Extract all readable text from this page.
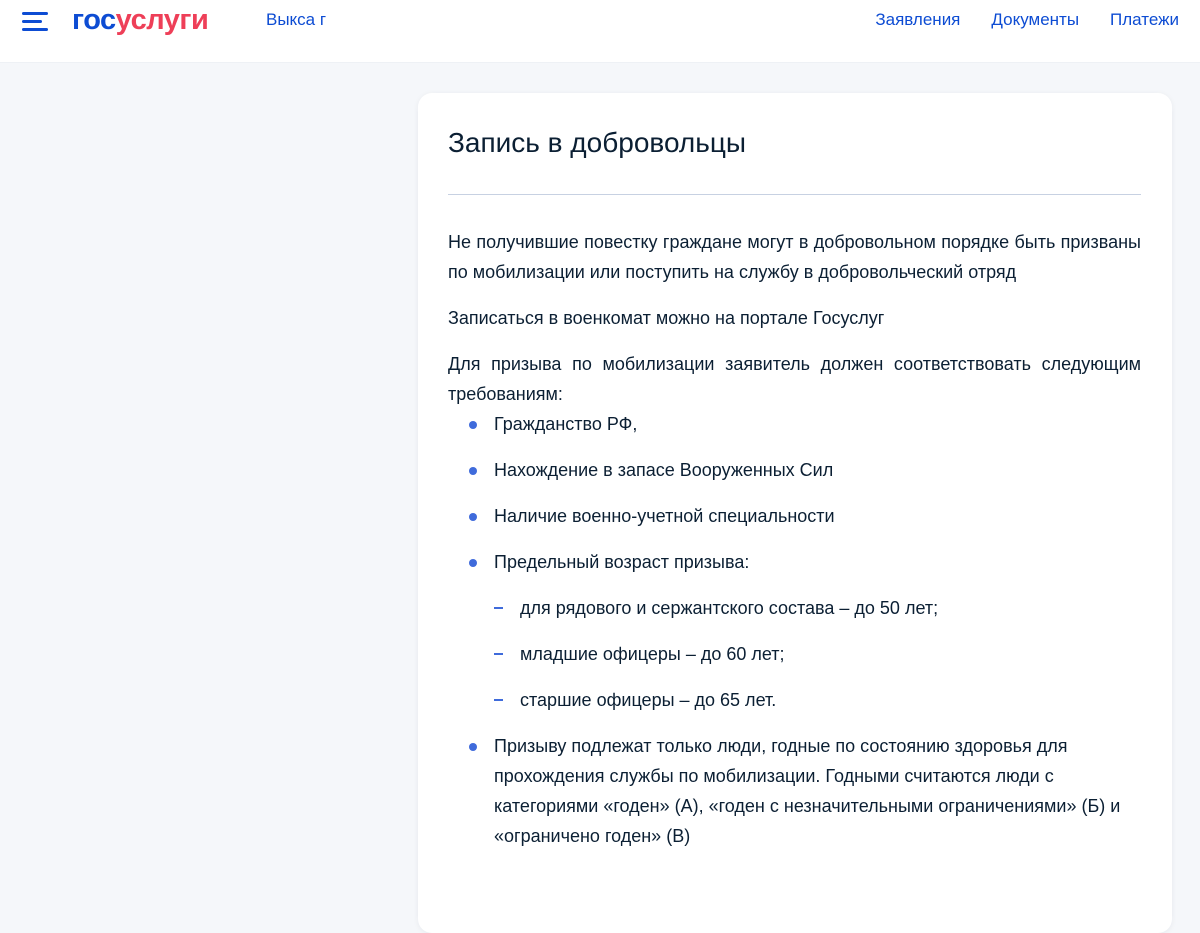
госуслуги	Выкса г	Заявления Документы Платежи
Запись в добровольцы

Не получившие повестку граждане могут в добровольном порядке быть призваны по мобилизации или поступить на службу в добровольческий отряд

Записаться в военкомат можно на портале Госуслуг

Для призыва по мобилизации заявитель должен соответствовать следующим требованиям:

Гражданство РФ,
Нахождение в запасе Вооруженных Сил
Наличие военно-учетной специальности
Предельный возраст призыва:
для рядового и сержантского состава – до 50 лет;
младшие офицеры – до 60 лет;
старшие офицеры – до 65 лет.
Призыву подлежат только люди, годные по состоянию здоровья для прохождения службы по мобилизации. Годными считаются люди с категориями «годен» (А), «годен с незначительными ограничениями» (Б) и «ограничено годен» (В)
